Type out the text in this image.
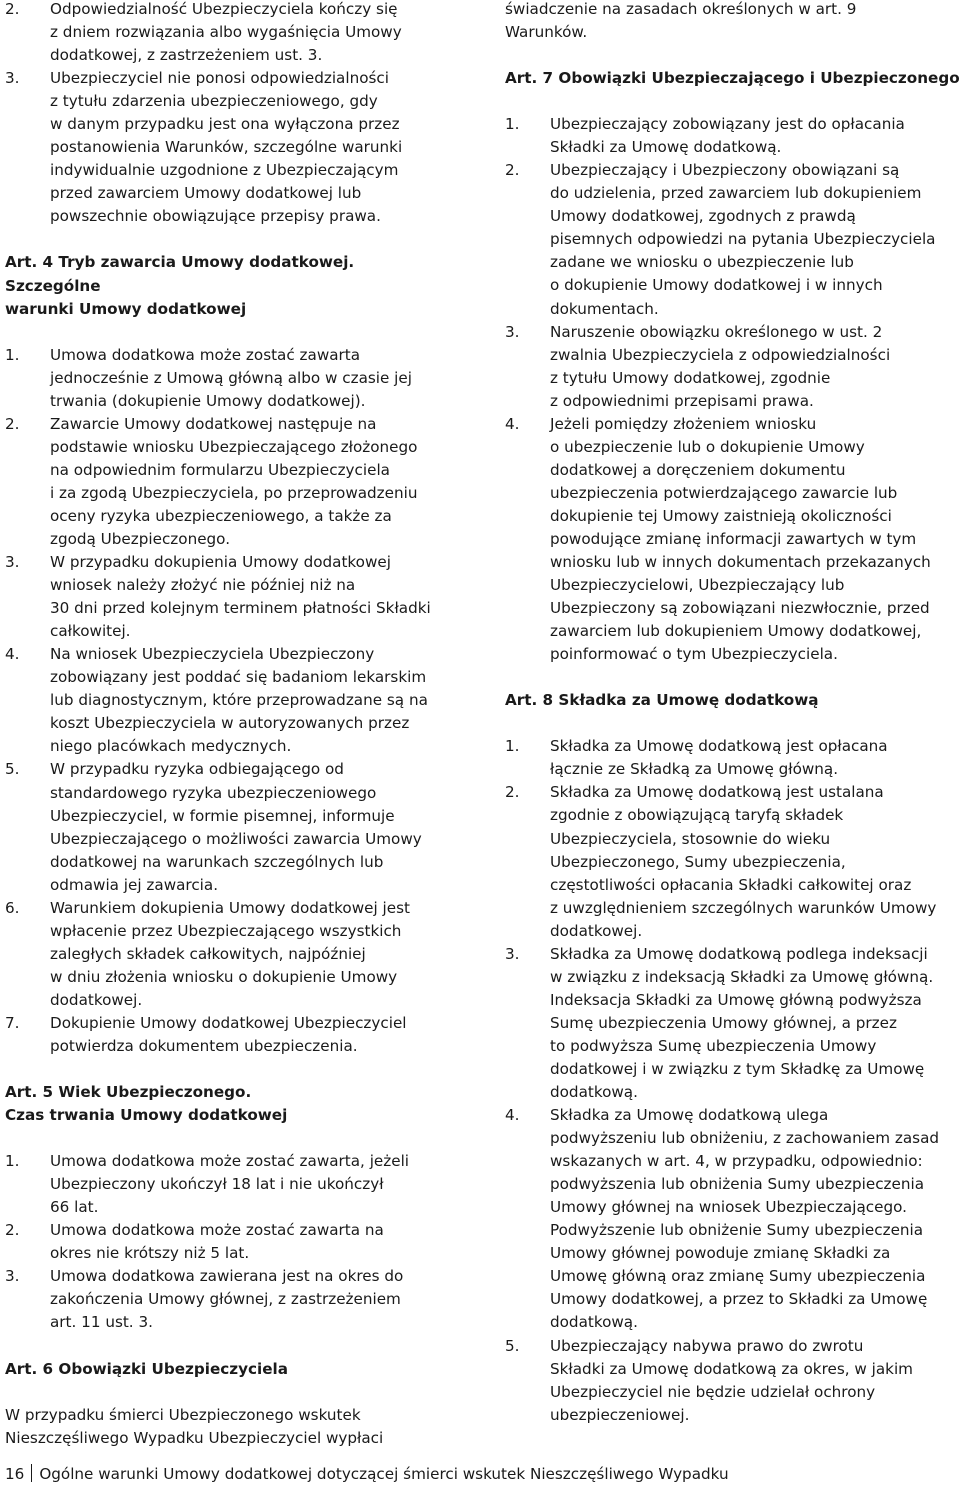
2.	Odpowiedzialność Ubezpieczyciela kończy się
z dniem rozwiązania albo wygaśnięcia Umowy
dodatkowej, z zastrzeżeniem ust. 3.
3.	Ubezpieczyciel nie ponosi odpowiedzialności
z tytułu zdarzenia ubezpieczeniowego, gdy
w danym przypadku jest ona wyłączona przez
postanowienia Warunków, szczególne warunki
indywidualnie uzgodnione z Ubezpieczającym
przed zawarciem Umowy dodatkowej lub
powszechnie obowiązujące przepisy prawa.
Art. 4 Tryb zawarcia Umowy dodatkowej. Szczególne
warunki Umowy dodatkowej
1.	Umowa dodatkowa może zostać zawarta
jednocześnie z Umową główną albo w czasie jej
trwania (dokupienie Umowy dodatkowej).
2.	Zawarcie Umowy dodatkowej następuje na
podstawie wniosku Ubezpieczającego złożonego
na odpowiednim formularzu Ubezpieczyciela
i za zgodą Ubezpieczyciela, po przeprowadzeniu
oceny ryzyka ubezpieczeniowego, a także za
zgodą Ubezpieczonego.
3.	W przypadku dokupienia Umowy dodatkowej
wniosek należy złożyć nie później niż na
30 dni przed kolejnym terminem płatności Składki
całkowitej.
4.	Na wniosek Ubezpieczyciela Ubezpieczony
zobowiązany jest poddać się badaniom lekarskim
lub diagnostycznym, które przeprowadzane są na
koszt Ubezpieczyciela w autoryzowanych przez
niego placówkach medycznych.
5.	W przypadku ryzyka odbiegającego od
standardowego ryzyka ubezpieczeniowego
Ubezpieczyciel, w formie pisemnej, informuje
Ubezpieczającego o możliwości zawarcia Umowy
dodatkowej na warunkach szczególnych lub
odmawia jej zawarcia.
6.	Warunkiem dokupienia Umowy dodatkowej jest
wpłacenie przez Ubezpieczającego wszystkich
zaległych składek całkowitych, najpóźniej
w dniu złożenia wniosku o dokupienie Umowy
dodatkowej.
7.	Dokupienie Umowy dodatkowej Ubezpieczyciel
potwierdza dokumentem ubezpieczenia.
Art. 5 Wiek Ubezpieczonego.
Czas trwania Umowy dodatkowej
1.	Umowa dodatkowa może zostać zawarta, jeżeli
Ubezpieczony ukończył 18 lat i nie ukończył
66 lat.
2.	Umowa dodatkowa może zostać zawarta na
okres nie krótszy niż 5 lat.
3.	Umowa dodatkowa zawierana jest na okres do
zakończenia Umowy głównej, z zastrzeżeniem
art. 11 ust. 3.
Art. 6 Obowiązki Ubezpieczyciela
W przypadku śmierci Ubezpieczonego wskutek
Nieszczęśliwego Wypadku Ubezpieczyciel wypłaci
świadczenie na zasadach określonych w art. 9
Warunków.
Art. 7 Obowiązki Ubezpieczającego i Ubezpieczonego
1.	Ubezpieczający zobowiązany jest do opłacania
Składki za Umowę dodatkową.
2.	Ubezpieczający i Ubezpieczony obowiązani są
do udzielenia, przed zawarciem lub dokupieniem
Umowy dodatkowej, zgodnych z prawdą
pisemnych odpowiedzi na pytania Ubezpieczyciela
zadane we wniosku o ubezpieczenie lub
o dokupienie Umowy dodatkowej i w innych
dokumentach.
3.	Naruszenie obowiązku określonego w ust. 2
zwalnia Ubezpieczyciela z odpowiedzialności
z tytułu Umowy dodatkowej, zgodnie
z odpowiednimi przepisami prawa.
4.	Jeżeli pomiędzy złożeniem wniosku
o ubezpieczenie lub o dokupienie Umowy
dodatkowej a doręczeniem dokumentu
ubezpieczenia potwierdzającego zawarcie lub
dokupienie tej Umowy zaistnieją okoliczności
powodujące zmianę informacji zawartych w tym
wniosku lub w innych dokumentach przekazanych
Ubezpieczycielowi, Ubezpieczający lub
Ubezpieczony są zobowiązani niezwłocznie, przed
zawarciem lub dokupieniem Umowy dodatkowej,
poinformować o tym Ubezpieczyciela.
Art. 8 Składka za Umowę dodatkową
1.	Składka za Umowę dodatkową jest opłacana
łącznie ze Składką za Umowę główną.
2.	Składka za Umowę dodatkową jest ustalana
zgodnie z obowiązującą taryfą składek
Ubezpieczyciela, stosownie do wieku
Ubezpieczonego, Sumy ubezpieczenia,
częstotliwości opłacania Składki całkowitej oraz
z uwzględnieniem szczególnych warunków Umowy
dodatkowej.
3.	Składka za Umowę dodatkową podlega indeksacji
w związku z indeksacją Składki za Umowę główną.
Indeksacja Składki za Umowę główną podwyższa
Sumę ubezpieczenia Umowy głównej, a przez
to podwyższa Sumę ubezpieczenia Umowy
dodatkowej i w związku z tym Składkę za Umowę
dodatkową.
4.	Składka za Umowę dodatkową ulega
podwyższeniu lub obniżeniu, z zachowaniem zasad
wskazanych w art. 4, w przypadku, odpowiednio:
podwyższenia lub obniżenia Sumy ubezpieczenia
Umowy głównej na wniosek Ubezpieczającego.
Podwyższenie lub obniżenie Sumy ubezpieczenia
Umowy głównej powoduje zmianę Składki za
Umowę główną oraz zmianę Sumy ubezpieczenia
Umowy dodatkowej, a przez to Składki za Umowę
dodatkową.
5.	Ubezpieczający nabywa prawo do zwrotu
Składki za Umowę dodatkową za okres, w jakim
Ubezpieczyciel nie będzie udzielał ochrony
ubezpieczeniowej.
16 Ogólne warunki Umowy dodatkowej dotyczącej śmierci wskutek Nieszczęśliwego Wypadku
